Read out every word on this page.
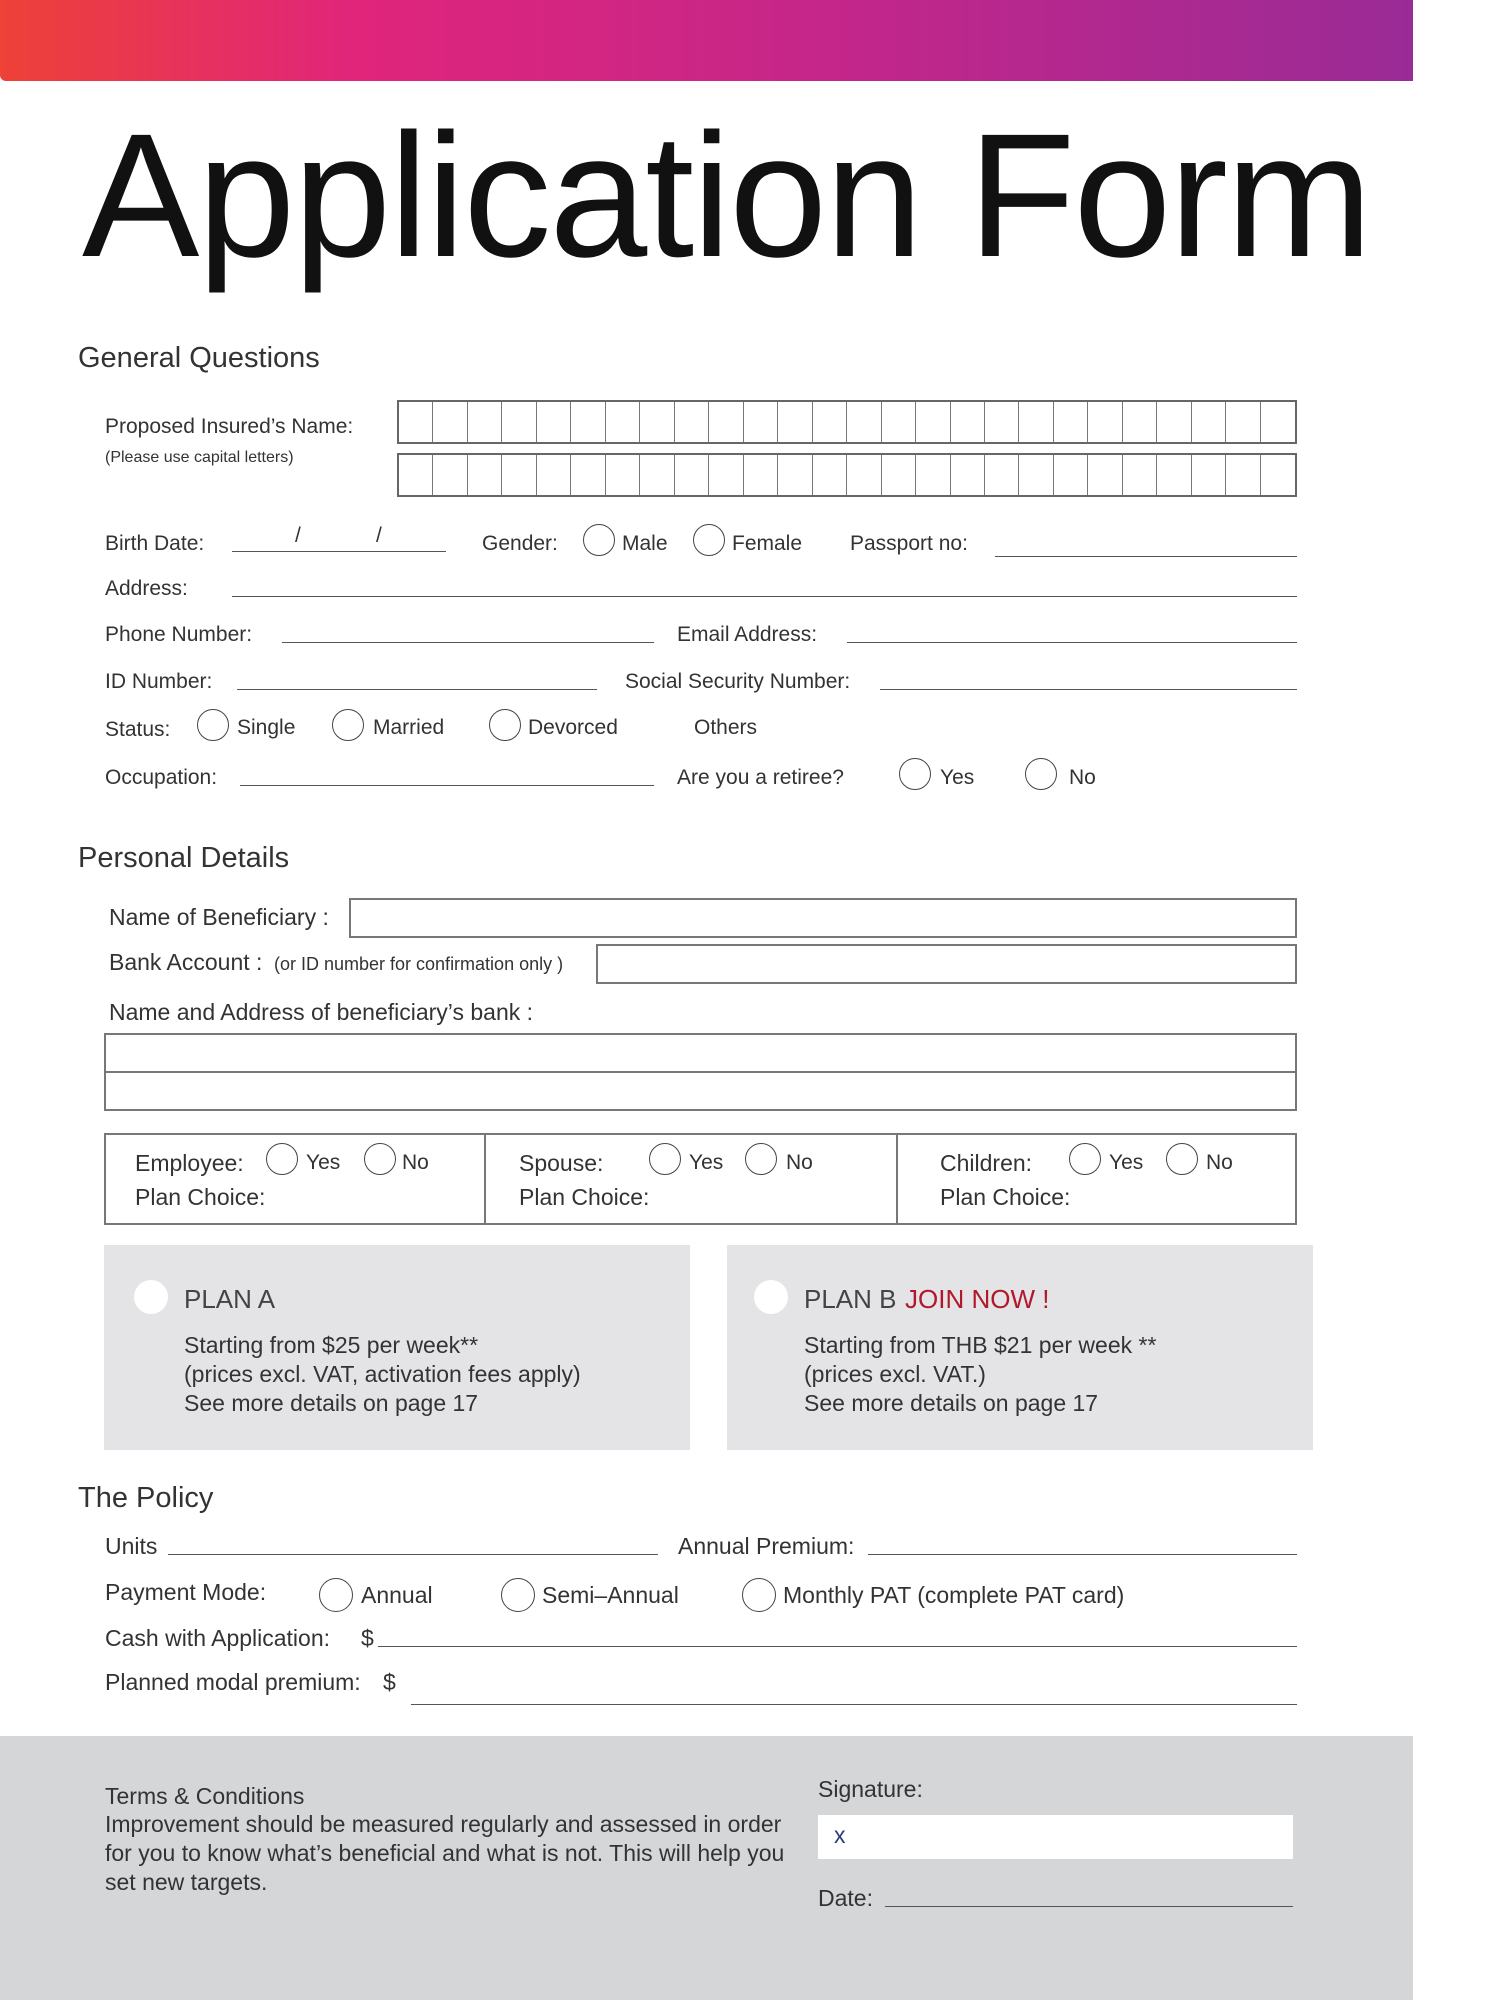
Application Form
General Questions
Proposed Insured’s Name:
(Please use capital letters)
Birth Date:	/	/	Gender:	Male	Female Passport no:
Address:
Phone Number:	Email Address:
ID Number:	Social Security Number:
Status:	Single	Married	Devorced	Others
Occupation:	Are you a retiree?	Yes	No
Personal Details
Name of Beneficiary :
Bank Account : (or ID number for confirmation only )
Name and Address of beneficiary’s bank :
Employee:	Yes	No
Plan Choice:
Spouse:	Yes	No
Plan Choice:
Children:	Yes	No
Plan Choice:
PLAN A
Starting from $25 per week**
(prices excl. VAT, activation fees apply)
See more details on page 17
PLAN B JOIN NOW !
Starting from THB $21 per week **
(prices excl. VAT.)
See more details on page 17
The Policy
Units	Annual Premium:
Payment Mode:	Annual	Semi–Annual	Monthly PAT (complete PAT card)
Cash with Application: $
Planned modal premium: $
Terms & Conditions
Improvement should be measured regularly and assessed in order
for you to know what’s beneficial and what is not. This will help you
set new targets.
Signature:
x
Date:
